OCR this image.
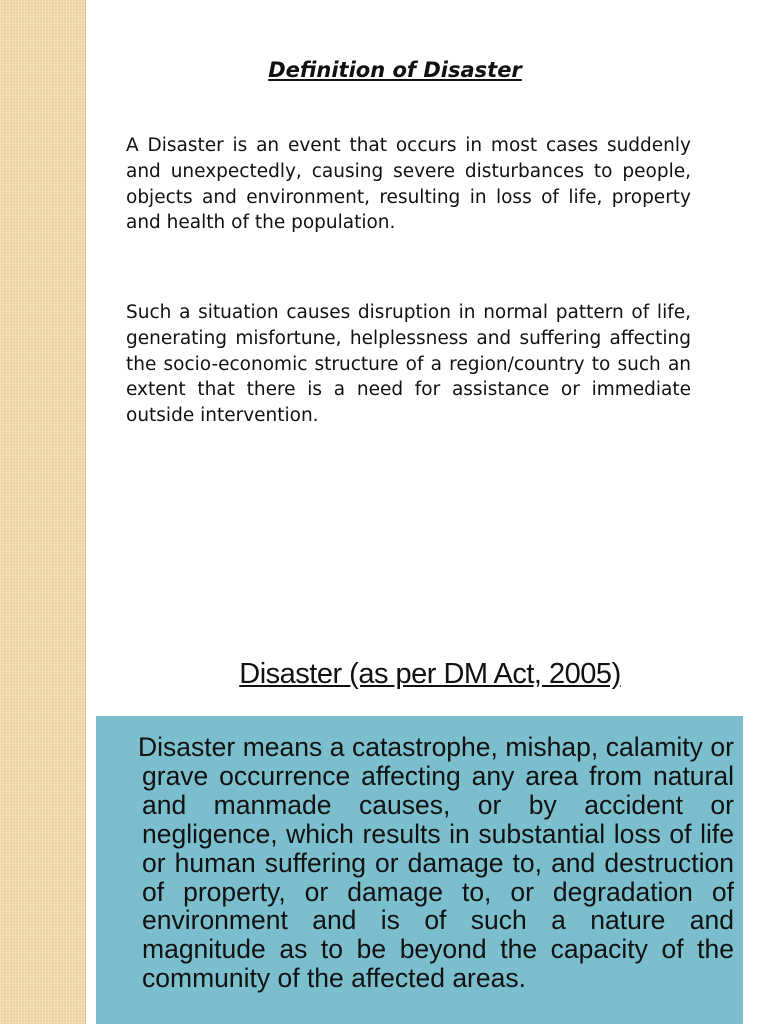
Definition of Disaster

A Disaster is an event that occurs in most cases suddenly and unexpectedly, causing severe disturbances to people, objects and environment, resulting in loss of life, property and health of the population.

Such a situation causes disruption in normal pattern of life, generating misfortune, helplessness and suffering affecting the socio-economic structure of a region/country to such an extent that there is a need for assistance or immediate outside intervention.

Disaster (as per DM Act, 2005)

Disaster means a catastrophe, mishap, calamity or grave occurrence affecting any area from natural and manmade causes, or by accident or negligence, which results in substantial loss of life or human suffering or damage to, and destruction of property, or damage to, or degradation of environment and is of such a nature and magnitude as to be beyond the capacity of the community of the affected areas.
